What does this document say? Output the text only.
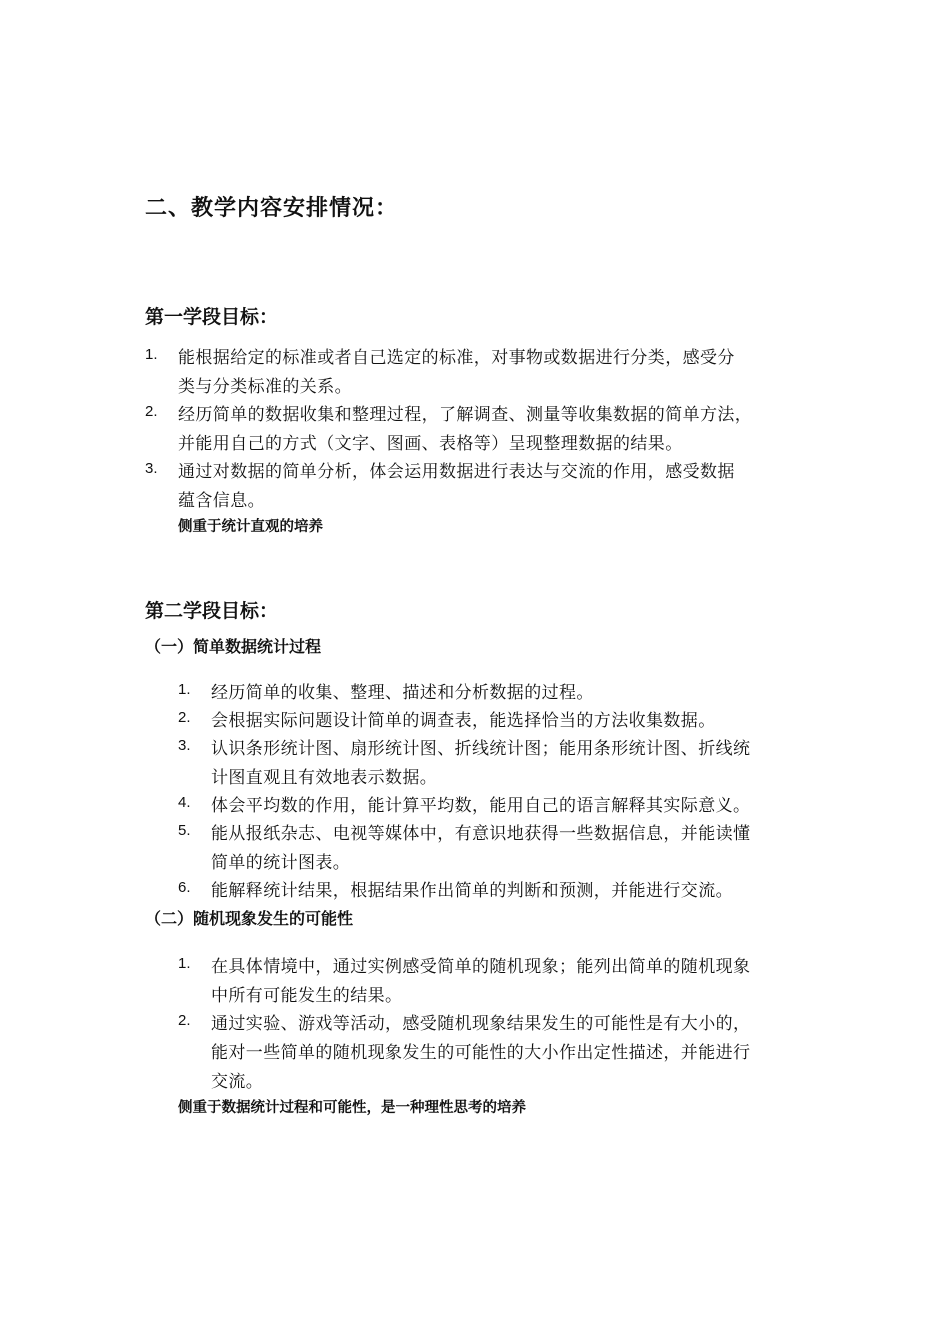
二、教学内容安排情况：
第一学段目标：
1. 能根据给定的标准或者自己选定的标准，对事物或数据进行分类，感受分
类与分类标准的关系。
2. 经历简单的数据收集和整理过程，了解调查、测量等收集数据的简单方法，
并能用自己的方式（文字、图画、表格等）呈现整理数据的结果。
3. 通过对数据的简单分析，体会运用数据进行表达与交流的作用，感受数据
蕴含信息。
侧重于统计直观的培养
第二学段目标：
（一）简单数据统计过程
1. 经历简单的收集、整理、描述和分析数据的过程。
2. 会根据实际问题设计简单的调查表，能选择恰当的方法收集数据。
3. 认识条形统计图、扇形统计图、折线统计图；能用条形统计图、折线统
计图直观且有效地表示数据。
4. 体会平均数的作用，能计算平均数，能用自己的语言解释其实际意义。
5. 能从报纸杂志、电视等媒体中，有意识地获得一些数据信息，并能读懂
简单的统计图表。
6. 能解释统计结果，根据结果作出简单的判断和预测，并能进行交流。
（二）随机现象发生的可能性
1. 在具体情境中，通过实例感受简单的随机现象；能列出简单的随机现象
中所有可能发生的结果。
2. 通过实验、游戏等活动，感受随机现象结果发生的可能性是有大小的，
能对一些简单的随机现象发生的可能性的大小作出定性描述，并能进行
交流。
侧重于数据统计过程和可能性，是一种理性思考的培养
